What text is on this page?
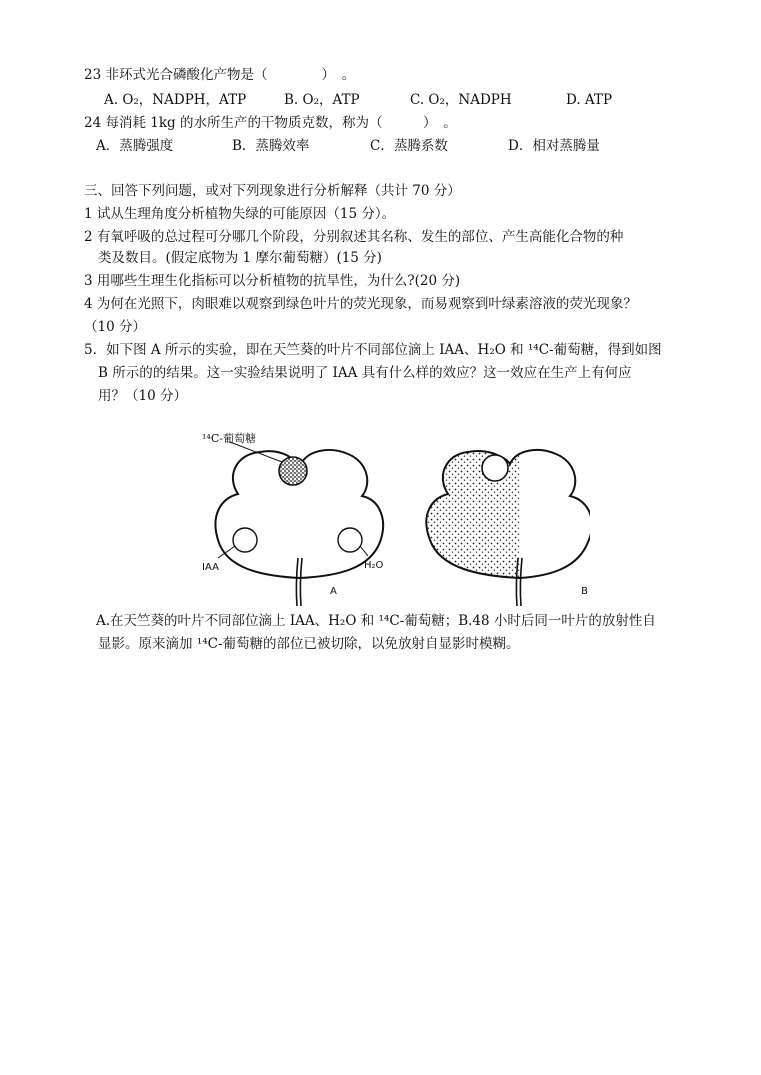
23 非环式光合磷酸化产物是（　　　　）　。
A. O₂，NADPH，ATP	B. O₂，ATP	C. O₂，NADPH	D. ATP
24 每消耗 1kg 的水所生产的干物质克数，称为（　　　）　。
A．蒸腾强度	B．蒸腾效率	C．蒸腾系数	D．相对蒸腾量
三、回答下列问题，或对下列现象进行分析解释（共计 70 分）
1 试从生理角度分析植物失绿的可能原因（15 分）。
2 有氧呼吸的总过程可分哪几个阶段，分别叙述其名称、发生的部位、产生高能化合物的种
类及数目。(假定底物为 1 摩尔葡萄糖）(15 分)
3 用哪些生理生化指标可以分析植物的抗旱性，为什么?(20 分)
4 为何在光照下，肉眼难以观察到绿色叶片的荧光现象，而易观察到叶绿素溶液的荧光现象？
（10 分）
5．如下图 A 所示的实验，即在天竺葵的叶片不同部位滴上 IAA、H₂O 和 ¹⁴C-葡萄糖，得到如图
B 所示的的结果。这一实验结果说明了 IAA 具有什么样的效应？这一效应在生产上有何应
用？（10 分）
¹⁴C-葡萄糖
IAA	H₂O
A	B
A.在天竺葵的叶片不同部位滴上 IAA、H₂O 和 ¹⁴C-葡萄糖；B.48 小时后同一叶片的放射性自
显影。原来滴加 ¹⁴C-葡萄糖的部位已被切除，以免放射自显影时模糊。
